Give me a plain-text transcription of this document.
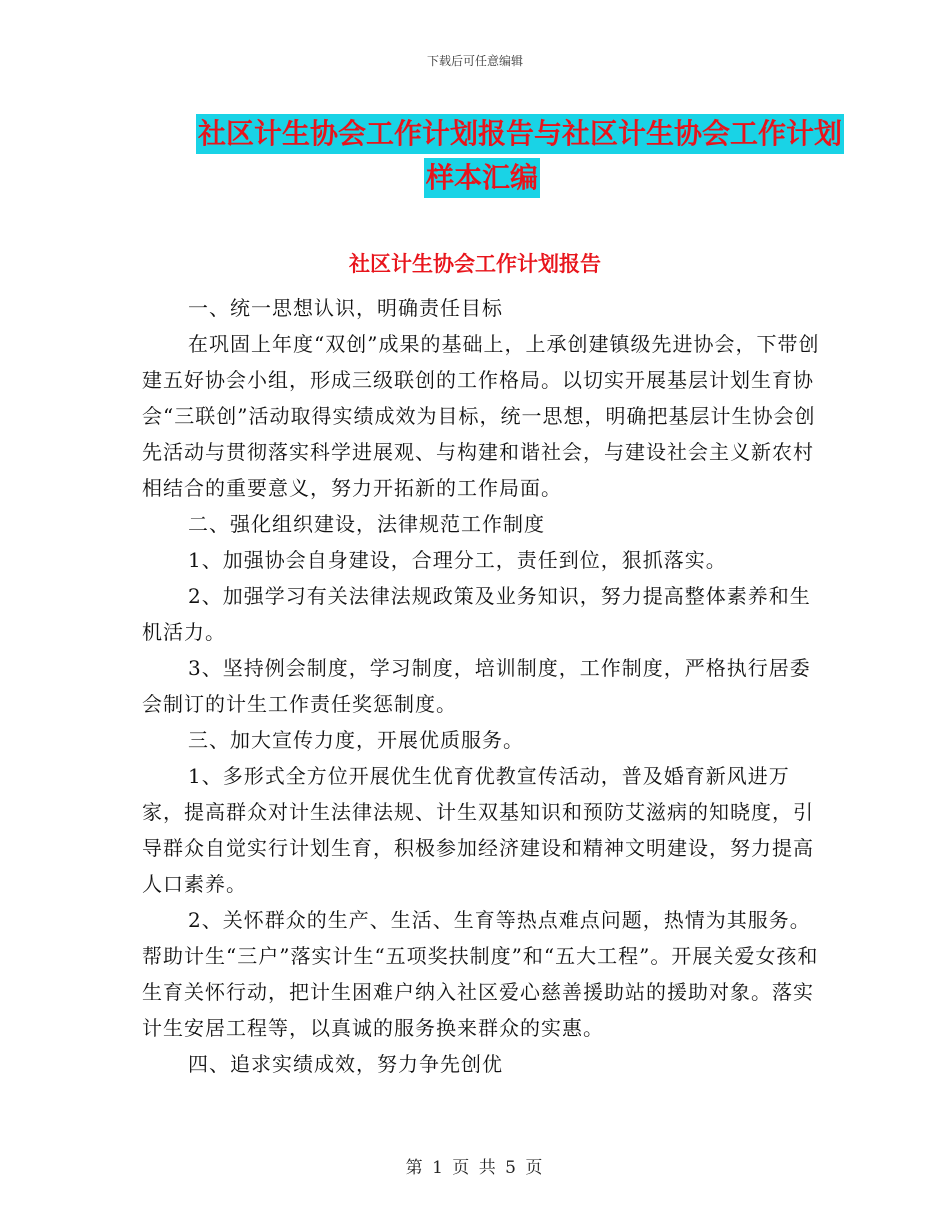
下载后可任意编辑
社区计生协会工作计划报告与社区计生协会工作计划
样本汇编
社区计生协会工作计划报告

一、统一思想认识，明确责任目标

在巩固上年度“双创”成果的基础上，上承创建镇级先进协会，下带创建五好协会小组，形成三级联创的工作格局。以切实开展基层计划生育协会“三联创”活动取得实绩成效为目标，统一思想，明确把基层计生协会创先活动与贯彻落实科学进展观、与构建和谐社会，与建设社会主义新农村相结合的重要意义，努力开拓新的工作局面。

二、强化组织建设，法律规范工作制度

1、加强协会自身建设，合理分工，责任到位，狠抓落实。

2、加强学习有关法律法规政策及业务知识，努力提高整体素养和生机活力。

3、坚持例会制度，学习制度，培训制度，工作制度，严格执行居委会制订的计生工作责任奖惩制度。

三、加大宣传力度，开展优质服务。

1、多形式全方位开展优生优育优教宣传活动，普及婚育新风进万家，提高群众对计生法律法规、计生双基知识和预防艾滋病的知晓度，引导群众自觉实行计划生育，积极参加经济建设和精神文明建设，努力提高人口素养。

2、关怀群众的生产、生活、生育等热点难点问题，热情为其服务。帮助计生“三户”落实计生“五项奖扶制度”和“五大工程”。开展关爱女孩和生育关怀行动，把计生困难户纳入社区爱心慈善援助站的援助对象。落实计生安居工程等，以真诚的服务换来群众的实惠。

四、追求实绩成效，努力争先创优

第 1 页 共 5 页
